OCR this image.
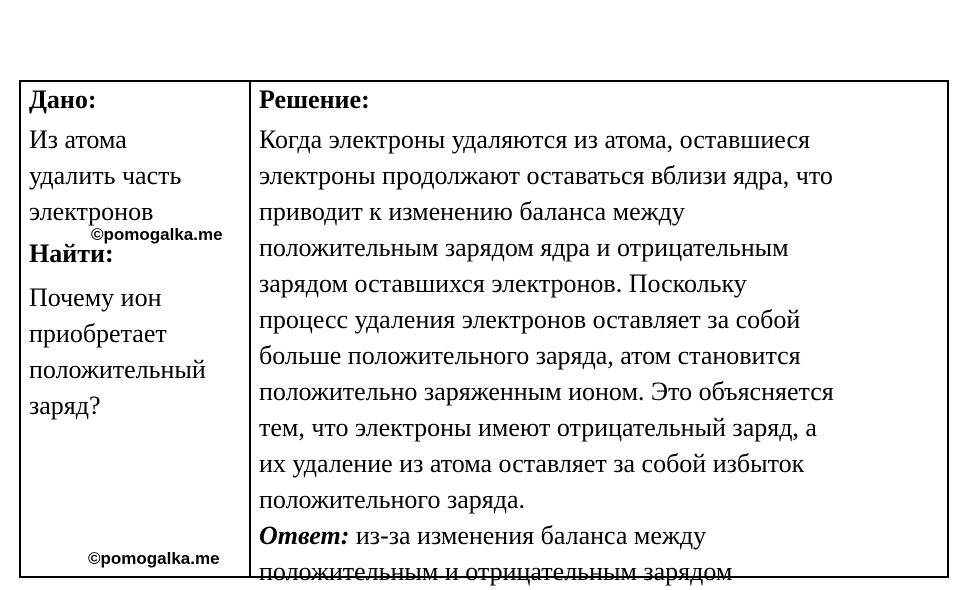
Дано:
Из атома
удалить часть
электронов
Найти:
Почему ион
приобретает
положительный
заряд?
Решение:
Когда электроны удаляются из атома, оставшиеся
электроны продолжают оставаться вблизи ядра, что
приводит к изменению баланса между
положительным зарядом ядра и отрицательным
зарядом оставшихся электронов. Поскольку
процесс удаления электронов оставляет за собой
больше положительного заряда, атом становится
положительно заряженным ионом. Это объясняется
тем, что электроны имеют отрицательный заряд, а
их удаление из атома оставляет за собой избыток
положительного заряда.
Ответ: из-за изменения баланса между
положительным и отрицательным зарядом
©pomogalka.me
©pomogalka.me
